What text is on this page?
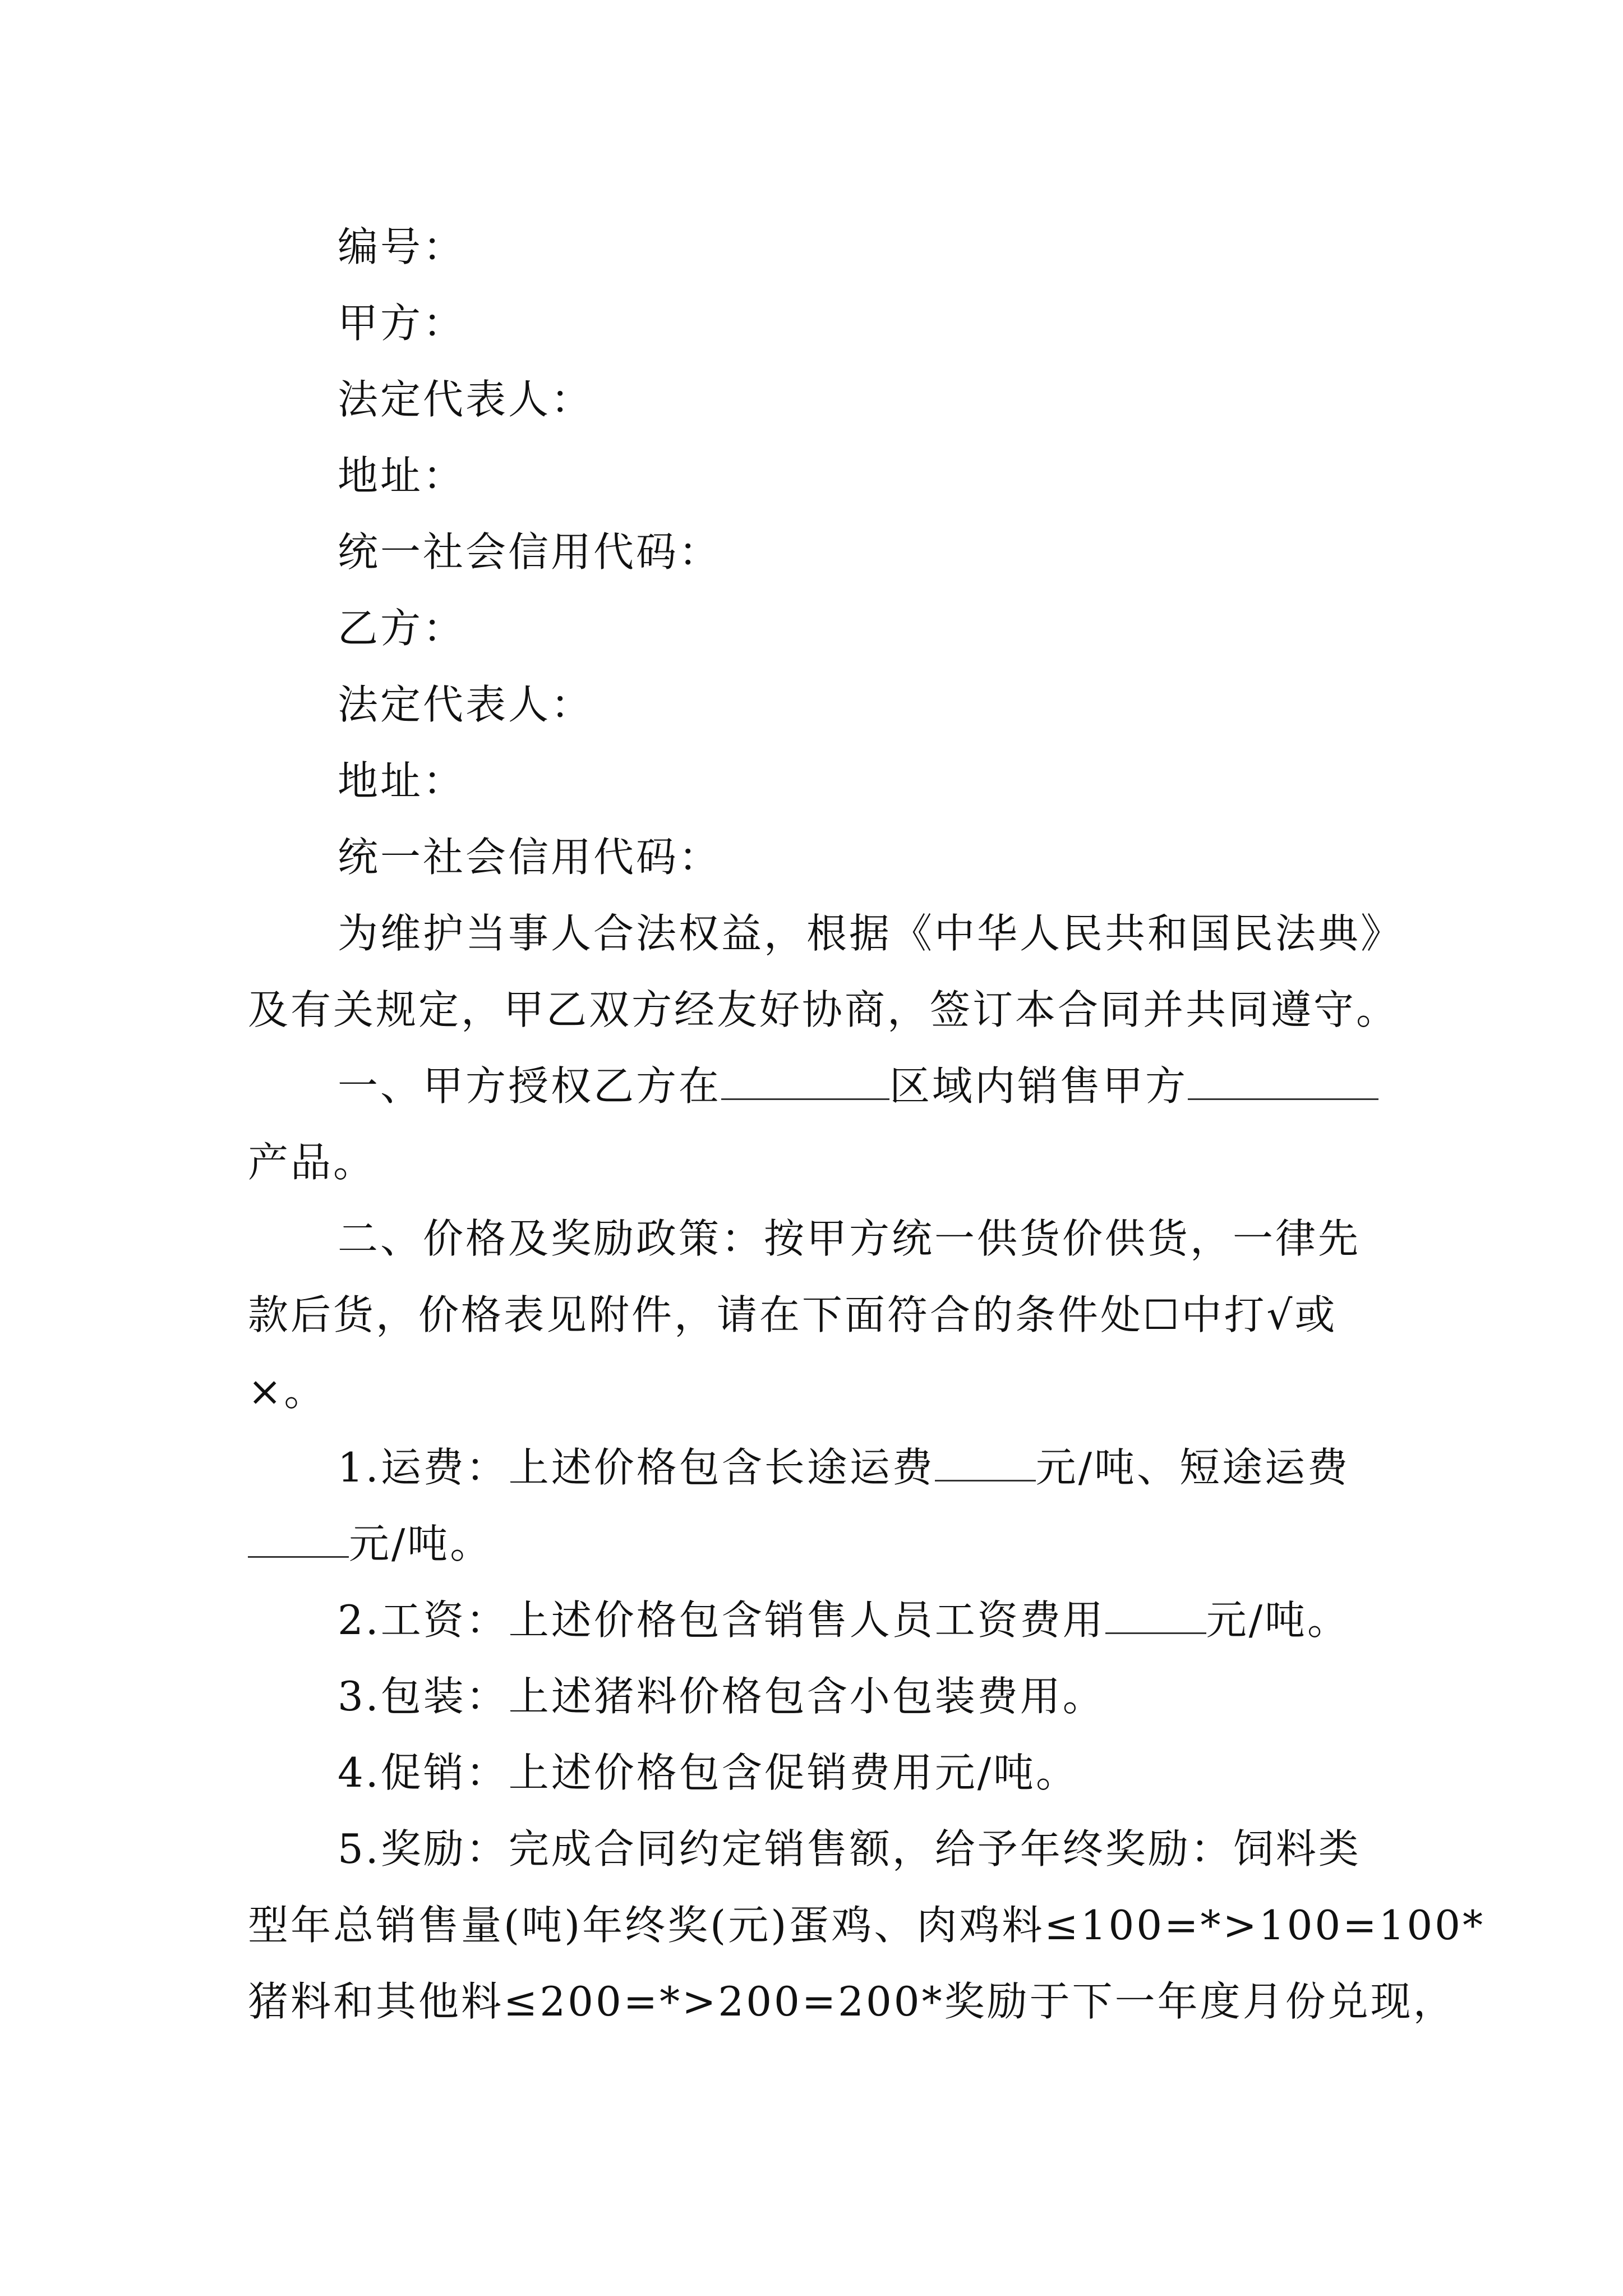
编号：
甲方：
法定代表人：
地址：
统一社会信用代码：
乙方：
法定代表人：
地址：
统一社会信用代码：
为维护当事人合法权益，根据《中华人民共和国民法典》
及有关规定，甲乙双方经友好协商，签订本合同并共同遵守。
一、甲方授权乙方在	区域内销售甲方
产品。
二、价格及奖励政策：按甲方统一供货价供货，一律先
款后货，价格表见附件，请在下面符合的条件处☐中打√或
×。
1.运费：上述价格包含长途运费	元/吨、短途运费
元/吨。
2.工资：上述价格包含销售人员工资费用	元/吨。
3.包装：上述猪料价格包含小包装费用。
4.促销：上述价格包含促销费用元/吨。
5.奖励：完成合同约定销售额，给予年终奖励：饲料类
型年总销售量(吨)年终奖(元)蛋鸡、肉鸡料≤100=*>100=100*
猪料和其他料≤200=*>200=200*奖励于下一年度月份兑现，
